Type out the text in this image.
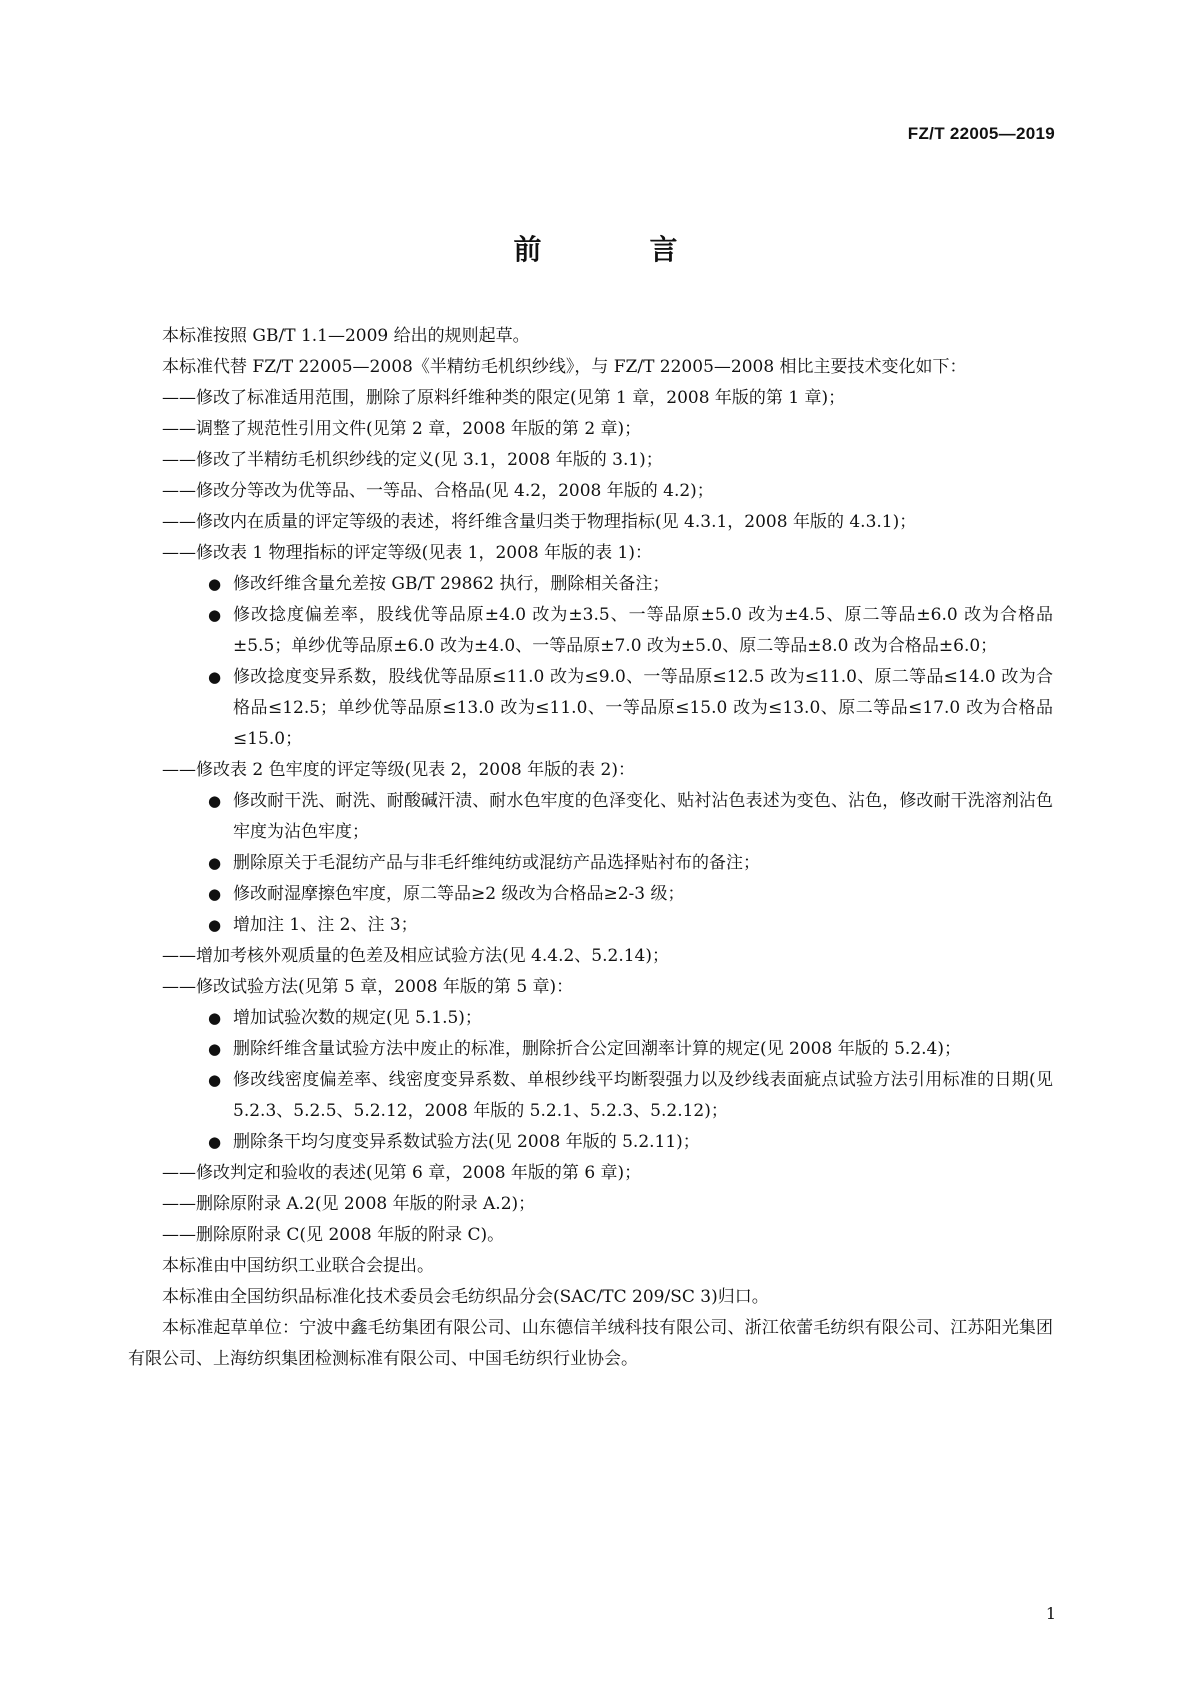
FZ/T 22005—2019
前　言

本标准按照 GB/T 1.1—2009 给出的规则起草。

本标准代替 FZ/T 22005—2008《半精纺毛机织纱线》，与 FZ/T 22005—2008 相比主要技术变化如下：

——修改了标准适用范围，删除了原料纤维种类的限定(见第 1 章，2008 年版的第 1 章)；

——调整了规范性引用文件(见第 2 章，2008 年版的第 2 章)；

——修改了半精纺毛机织纱线的定义(见 3.1，2008 年版的 3.1)；

——修改分等改为优等品、一等品、合格品(见 4.2，2008 年版的 4.2)；

——修改内在质量的评定等级的表述，将纤维含量归类于物理指标(见 4.3.1，2008 年版的 4.3.1)；

——修改表 1 物理指标的评定等级(见表 1，2008 年版的表 1)：

● 修改纤维含量允差按 GB/T 29862 执行，删除相关备注；
● 修改捻度偏差率，股线优等品原±4.0 改为±3.5、一等品原±5.0 改为±4.5、原二等品±6.0 改为合格品±5.5；单纱优等品原±6.0 改为±4.0、一等品原±7.0 改为±5.0、原二等品±8.0 改为合格品±6.0；
● 修改捻度变异系数，股线优等品原≤11.0 改为≤9.0、一等品原≤12.5 改为≤11.0、原二等品≤14.0 改为合格品≤12.5；单纱优等品原≤13.0 改为≤11.0、一等品原≤15.0 改为≤13.0、原二等品≤17.0 改为合格品≤15.0；

——修改表 2 色牢度的评定等级(见表 2，2008 年版的表 2)：

● 修改耐干洗、耐洗、耐酸碱汗渍、耐水色牢度的色泽变化、贴衬沾色表述为变色、沾色，修改耐干洗溶剂沾色牢度为沾色牢度；
● 删除原关于毛混纺产品与非毛纤维纯纺或混纺产品选择贴衬布的备注；
● 修改耐湿摩擦色牢度，原二等品≥2 级改为合格品≥2-3 级；
● 增加注 1、注 2、注 3；

——增加考核外观质量的色差及相应试验方法(见 4.4.2、5.2.14)；

——修改试验方法(见第 5 章，2008 年版的第 5 章)：

● 增加试验次数的规定(见 5.1.5)；
● 删除纤维含量试验方法中废止的标准，删除折合公定回潮率计算的规定(见 2008 年版的 5.2.4)；
● 修改线密度偏差率、线密度变异系数、单根纱线平均断裂强力以及纱线表面疵点试验方法引用标准的日期(见 5.2.3、5.2.5、5.2.12，2008 年版的 5.2.1、5.2.3、5.2.12)；
● 删除条干均匀度变异系数试验方法(见 2008 年版的 5.2.11)；

——修改判定和验收的表述(见第 6 章，2008 年版的第 6 章)；

——删除原附录 A.2(见 2008 年版的附录 A.2)；

——删除原附录 C(见 2008 年版的附录 C)。

本标准由中国纺织工业联合会提出。

本标准由全国纺织品标准化技术委员会毛纺织品分会(SAC/TC 209/SC 3)归口。

本标准起草单位：宁波中鑫毛纺集团有限公司、山东德信羊绒科技有限公司、浙江依蕾毛纺织有限公司、江苏阳光集团有限公司、上海纺织集团检测标准有限公司、中国毛纺织行业协会。

1
